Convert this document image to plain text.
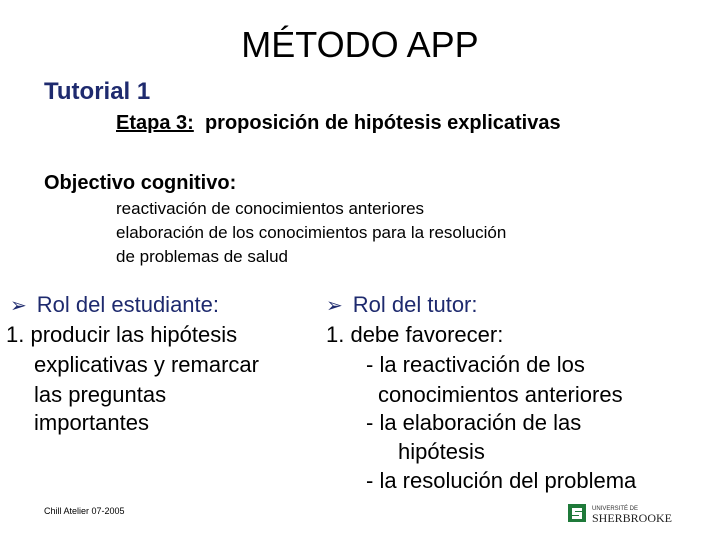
MÉTODO APP
Tutorial 1
Etapa 3: proposición de hipótesis explicativas
Objectivo cognitivo:
reactivación de conocimientos anteriores
elaboración de los conocimientos para la resolución
de problemas de salud
➢ Rol del estudiante:
1. producir las hipótesis
explicativas y remarcar
las preguntas
importantes
➢ Rol del tutor:
1. debe favorecer:
- la reactivación de los
conocimientos anteriores
- la elaboración de las
hipótesis
- la resolución del problema
Chill Atelier 07-2005	UNIVERSITÉ DE
SHERBROOKE
